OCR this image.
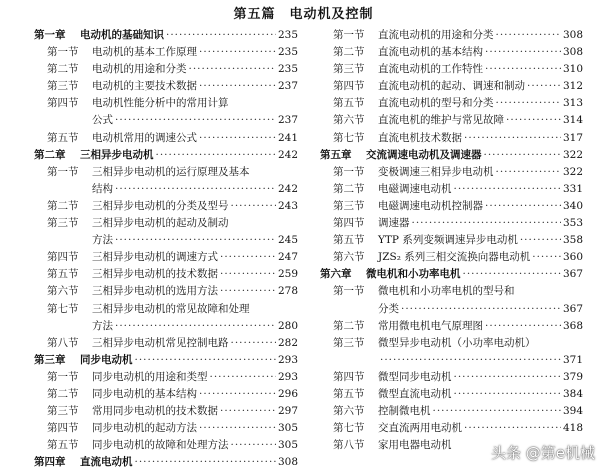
第五篇　电动机及控制
第一章	电动机的基础知识 ·····	235
第一节	电动机的基本工作原理 ·····	235
第二节	电动机的用途和分类 ·····	235
第三节	电动机的主要技术数据 ·····	237
第四节	电动机性能分析中的常用计算
公式 ·····	237
第五节	电动机常用的调速公式 ·····	241
第二章	三相异步电动机 ·····	242
第一节	三相异步电动机的运行原理及基本
结构 ·····	242
第二节	三相异步电动机的分类及型号 ·····	243
第三节	三相异步电动机的起动及制动
方法 ·····	245
第四节	三相异步电动机的调速方式 ·····	247
第五节	三相异步电动机的技术数据 ·····	259
第六节	三相异步电动机的选用方法 ·····	278
第七节	三相异步电动机的常见故障和处理
方法 ·····	280
第八节	三相异步电动机常见控制电路 ·····	282
第三章	同步电动机 ·····	293
第一节	同步电动机的用途和类型 ·····	293
第二节	同步电动机的基本结构 ·····	296
第三节	常用同步电动机的技术数据 ·····	297
第四节	同步电动机的起动方法 ·····	305
第五节	同步电动机的故障和处理方法 ·····	305
第四章	直流电动机 ·····	308
第一节	直流电动机的用途和分类 ·····	308
第二节	直流电动机的基本结构 ·····	308
第三节	直流电动机的工作特性 ·····	310
第四节	直流电动机的起动、调速和制动 ·····	312
第五节	直流电动机的型号和分类 ·····	313
第六节	直流电机的维护与常见故障 ·····	314
第七节	直流电机技术数据 ·····	317
第五章	交流调速电动机及调速器 ·····	322
第一节	变极调速三相异步电动机 ·····	322
第二节	电磁调速电动机 ·····	331
第三节	电磁调速电动机控制器 ·····	340
第四节	调速器 ·····	353
第五节	YTP 系列变频调速异步电动机 ·····	358
第六节	JZS₂ 系列三相交流换向器电动机 ·····	360
第六章	微电机和小功率电机 ·····	367
第一节	微电机和小功率电机的型号和
分类 ·····	367
第二节	常用微电机电气原理图 ·····	368
第三节	微型异步电动机（小功率电动机）
·····
371
第四节	微型同步电动机 ·····	379
第五节	微型直流电动机 ·····	384
第六节	控制微电机 ·····	394
第七节	交直流两用电动机 ·····	418
第八节	家用电器电动机	头条 @第e机械
